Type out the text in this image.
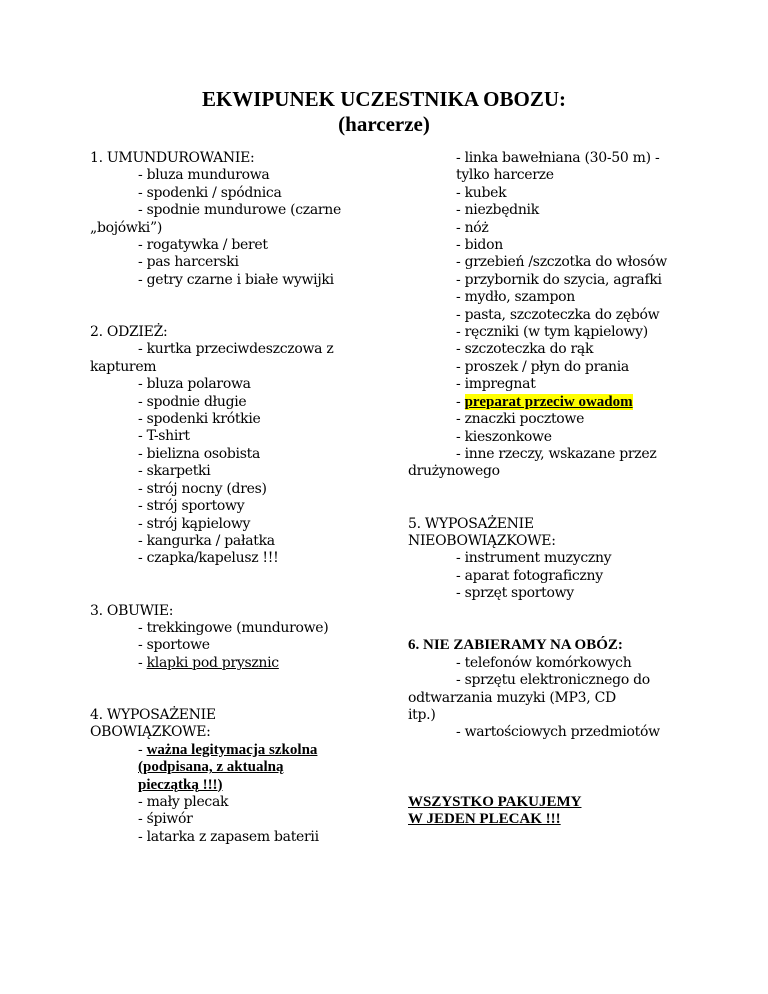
EKWIPUNEK UCZESTNIKA OBOZU:
(harcerze)
1. UMUNDUROWANIE:
- bluza mundurowa
- spodenki / spódnica
- spodnie mundurowe (czarne
„bojówki”)
- rogatywka / beret
- pas harcerski
- getry czarne i białe wywijki
2. ODZIEŻ:
- kurtka przeciwdeszczowa z
kapturem
- bluza polarowa
- spodnie długie
- spodenki krótkie
- T-shirt
- bielizna osobista
- skarpetki
- strój nocny (dres)
- strój sportowy
- strój kąpielowy
- kangurka / pałatka
- czapka/kapelusz !!!
3. OBUWIE:
- trekkingowe (mundurowe)
- sportowe
- klapki pod prysznic
4. WYPOSAŻENIE
OBOWIĄZKOWE:
- ważna legitymacja szkolna
(podpisana, z aktualną
pieczątką !!!)
- mały plecak
- śpiwór
- latarka z zapasem baterii
- linka bawełniana (30-50 m) -
tylko harcerze
- kubek
- niezbędnik
- nóż
- bidon
- grzebień /szczotka do włosów
- przybornik do szycia, agrafki
- mydło, szampon
- pasta, szczoteczka do zębów
- ręczniki (w tym kąpielowy)
- szczoteczka do rąk
- proszek / płyn do prania
- impregnat
- preparat przeciw owadom
- znaczki pocztowe
- kieszonkowe
- inne rzeczy, wskazane przez
drużynowego
5. WYPOSAŻENIE
NIEOBOWIĄZKOWE:
- instrument muzyczny
- aparat fotograficzny
- sprzęt sportowy
6. NIE ZABIERAMY NA OBÓZ:
- telefonów komórkowych
- sprzętu elektronicznego do
odtwarzania muzyki (MP3, CD
itp.)
- wartościowych przedmiotów
WSZYSTKO PAKUJEMY
W JEDEN PLECAK !!!
